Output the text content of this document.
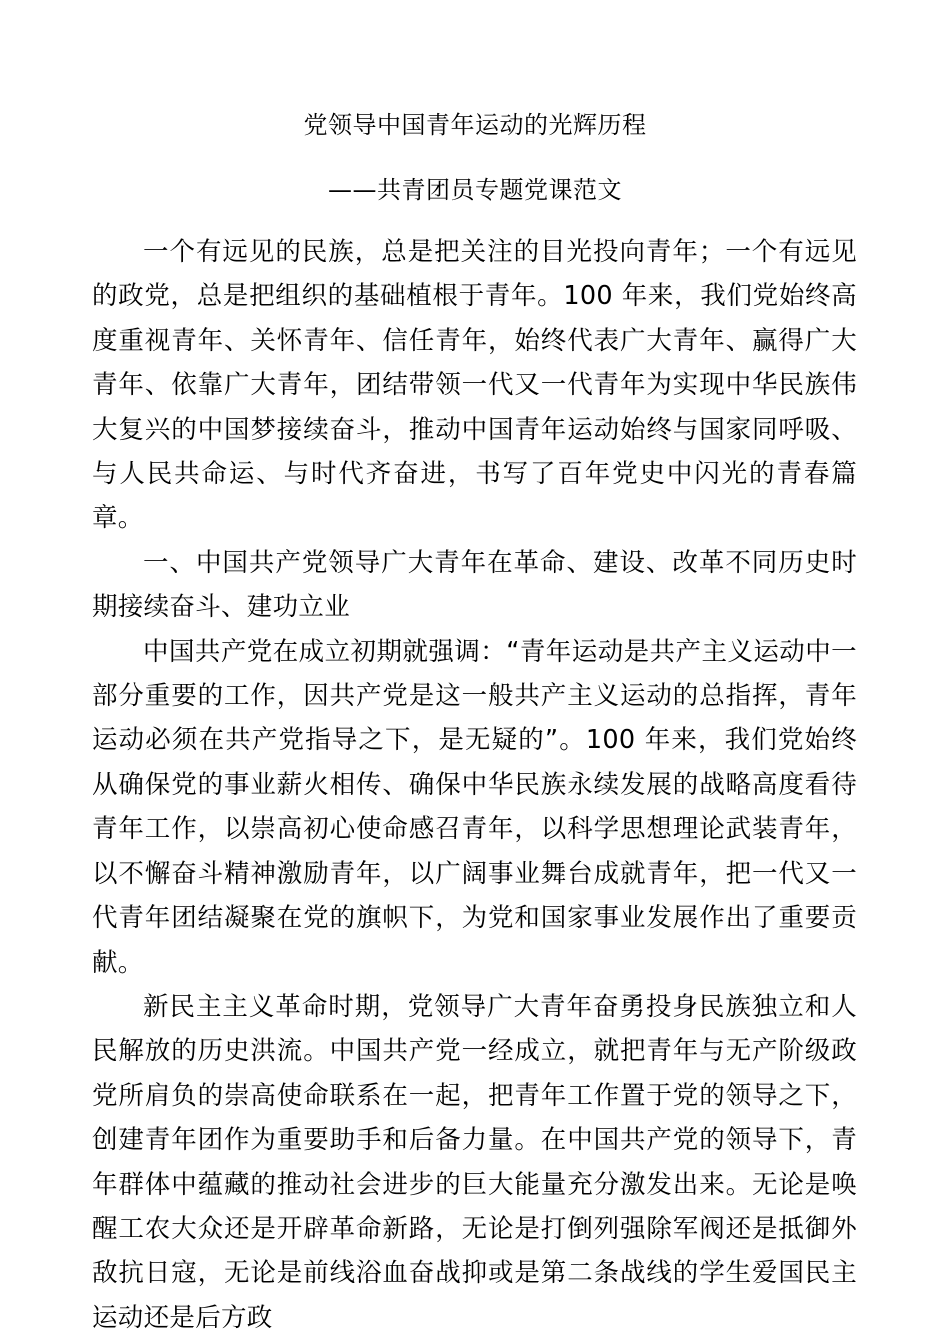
党领导中国青年运动的光辉历程
——共青团员专题党课范文

一个有远见的民族，总是把关注的目光投向青年；一个有远见的政党，总是把组织的基础植根于青年。100 年来，我们党始终高度重视青年、关怀青年、信任青年，始终代表广大青年、赢得广大青年、依靠广大青年，团结带领一代又一代青年为实现中华民族伟大复兴的中国梦接续奋斗，推动中国青年运动始终与国家同呼吸、与人民共命运、与时代齐奋进，书写了百年党史中闪光的青春篇章。

一、中国共产党领导广大青年在革命、建设、改革不同历史时期接续奋斗、建功立业

中国共产党在成立初期就强调：“青年运动是共产主义运动中一部分重要的工作，因共产党是这一般共产主义运动的总指挥，青年运动必须在共产党指导之下，是无疑的”。100 年来，我们党始终从确保党的事业薪火相传、确保中华民族永续发展的战略高度看待青年工作，以崇高初心使命感召青年，以科学思想理论武装青年，以不懈奋斗精神激励青年，以广阔事业舞台成就青年，把一代又一代青年团结凝聚在党的旗帜下，为党和国家事业发展作出了重要贡献。

新民主主义革命时期，党领导广大青年奋勇投身民族独立和人民解放的历史洪流。中国共产党一经成立，就把青年与无产阶级政党所肩负的崇高使命联系在一起，把青年工作置于党的领导之下，创建青年团作为重要助手和后备力量。在中国共产党的领导下，青年群体中蕴藏的推动社会进步的巨大能量充分激发出来。无论是唤醒工农大众还是开辟革命新路，无论是打倒列强除军阀还是抵御外敌抗日寇，无论是前线浴血奋战抑或是第二条战线的学生爱国民主运动还是后方政
